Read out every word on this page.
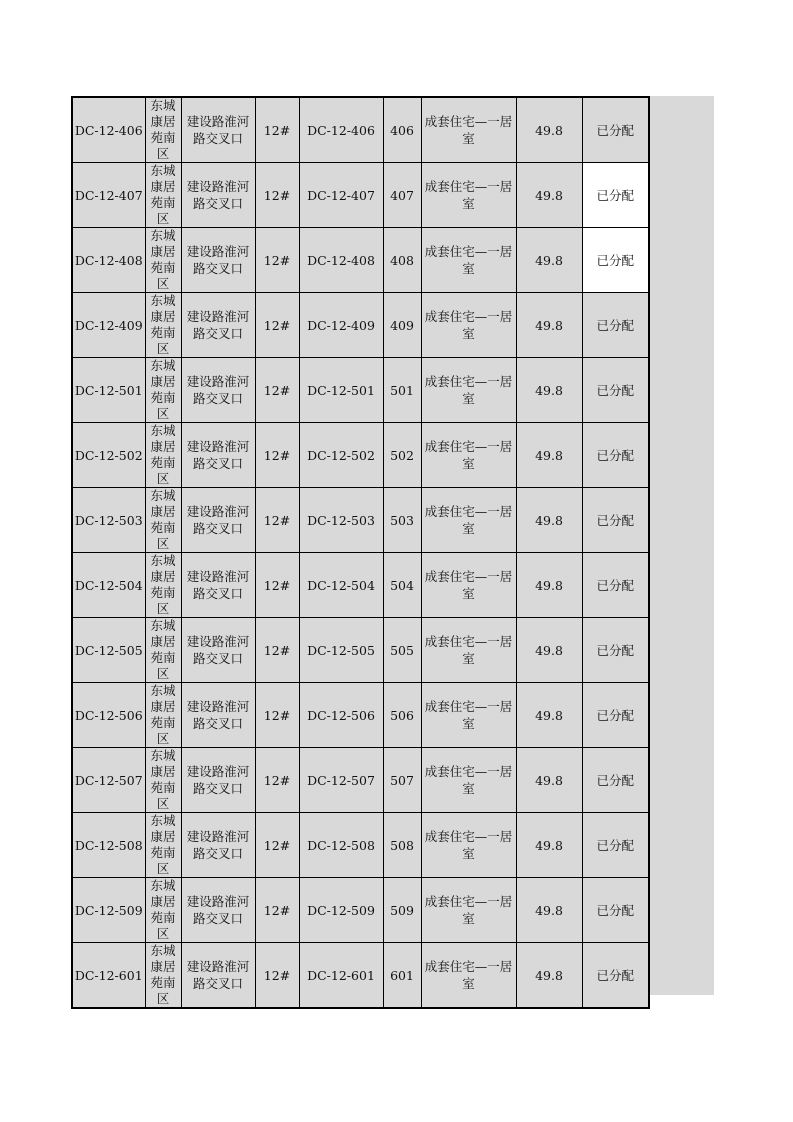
DC-12-406	东城康居苑南区	建设路淮河路交叉口	12#	DC-12-406	406	成套住宅—一居室	49.8	已分配
DC-12-407	东城康居苑南区	建设路淮河路交叉口	12#	DC-12-407	407	成套住宅—一居室	49.8	已分配
DC-12-408	东城康居苑南区	建设路淮河路交叉口	12#	DC-12-408	408	成套住宅—一居室	49.8	已分配
DC-12-409	东城康居苑南区	建设路淮河路交叉口	12#	DC-12-409	409	成套住宅—一居室	49.8	已分配
DC-12-501	东城康居苑南区	建设路淮河路交叉口	12#	DC-12-501	501	成套住宅—一居室	49.8	已分配
DC-12-502	东城康居苑南区	建设路淮河路交叉口	12#	DC-12-502	502	成套住宅—一居室	49.8	已分配
DC-12-503	东城康居苑南区	建设路淮河路交叉口	12#	DC-12-503	503	成套住宅—一居室	49.8	已分配
DC-12-504	东城康居苑南区	建设路淮河路交叉口	12#	DC-12-504	504	成套住宅—一居室	49.8	已分配
DC-12-505	东城康居苑南区	建设路淮河路交叉口	12#	DC-12-505	505	成套住宅—一居室	49.8	已分配
DC-12-506	东城康居苑南区	建设路淮河路交叉口	12#	DC-12-506	506	成套住宅—一居室	49.8	已分配
DC-12-507	东城康居苑南区	建设路淮河路交叉口	12#	DC-12-507	507	成套住宅—一居室	49.8	已分配
DC-12-508	东城康居苑南区	建设路淮河路交叉口	12#	DC-12-508	508	成套住宅—一居室	49.8	已分配
DC-12-509	东城康居苑南区	建设路淮河路交叉口	12#	DC-12-509	509	成套住宅—一居室	49.8	已分配
DC-12-601	东城康居苑南区	建设路淮河路交叉口	12#	DC-12-601	601	成套住宅—一居室	49.8	已分配
